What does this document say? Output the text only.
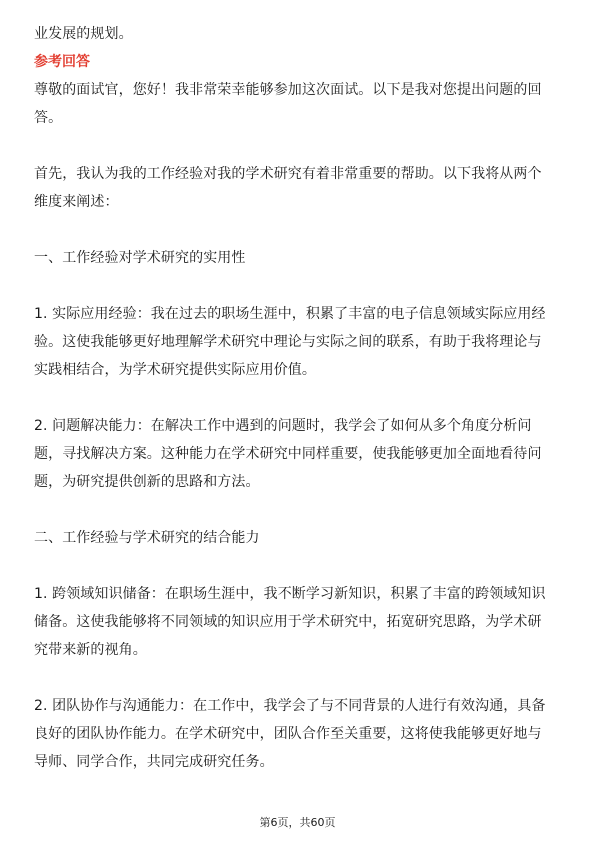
业发展的规划。

参考回答

尊敬的面试官，您好！我非常荣幸能够参加这次面试。以下是我对您提出问题的回

答。

首先，我认为我的工作经验对我的学术研究有着非常重要的帮助。以下我将从两个

维度来阐述：

一、工作经验对学术研究的实用性

1. 实际应用经验：我在过去的职场生涯中，积累了丰富的电子信息领域实际应用经

验。这使我能够更好地理解学术研究中理论与实际之间的联系，有助于我将理论与

实践相结合，为学术研究提供实际应用价值。

2. 问题解决能力：在解决工作中遇到的问题时，我学会了如何从多个角度分析问

题，寻找解决方案。这种能力在学术研究中同样重要，使我能够更加全面地看待问

题，为研究提供创新的思路和方法。

二、工作经验与学术研究的结合能力

1. 跨领域知识储备：在职场生涯中，我不断学习新知识，积累了丰富的跨领域知识

储备。这使我能够将不同领域的知识应用于学术研究中，拓宽研究思路，为学术研

究带来新的视角。

2. 团队协作与沟通能力：在工作中，我学会了与不同背景的人进行有效沟通，具备

良好的团队协作能力。在学术研究中，团队合作至关重要，这将使我能够更好地与

导师、同学合作，共同完成研究任务。

第6页，共60页
